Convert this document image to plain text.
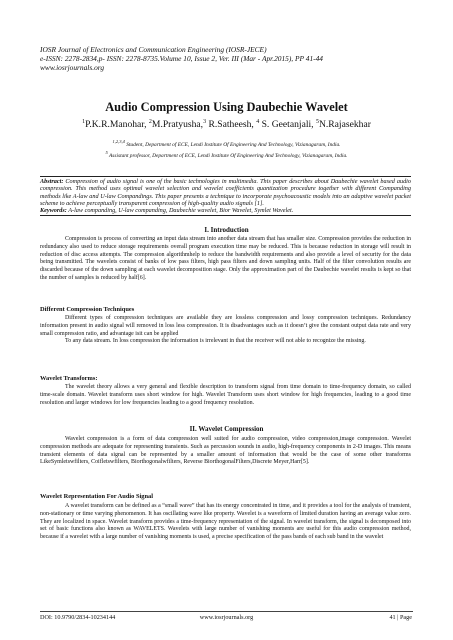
IOSR Journal of Electronics and Communication Engineering (IOSR-JECE)
e-ISSN: 2278-2834,p- ISSN: 2278-8735.Volume 10, Issue 2, Ver. III (Mar - Apr.2015), PP 41-44
www.iosrjournals.org
Audio Compression Using Daubechie Wavelet
$^1$P.K.R.Manohar, $^2$M.Pratyusha,$^3$ R.Satheesh, $^4$ S. Geetanjali, $^5$N.Rajasekhar
$^{1,2,3,4}$ Student, Department of ECE, Lendi Institute Of Engineering And Technology, Vizianagaram, India.
$^5$ Assistant professor, Department of ECE, Lendi Institute Of Engineering And Technology, Vizianagaram, India.
Abstract: Compression of audio signal is one of the basic technologies in multimedia. This paper describes about Daubechie wavelet based audio compression. This method uses optimal wavelet selection and wavelet coefficients quantization procedure together with different Companding methods like A-law and U-law Compandings. This paper presents a technique to incorporate psychoacoustic models into an adaptive wavelet packet scheme to achieve perceptually transparent compression of high-quality audio signals [1].
Keywords: A-law companding, U-law companding, Daubechie wavelet, Bior Wavelet, Symlet Wavelet.
I. Introduction

Compression is process of converting an input data stream into another data stream that has smaller size. Compression provides the reduction in redundancy also used to reduce storage requirements overall program execution time may be reduced. This is because reduction in storage will result in reduction of disc access attempts. The compression algorithmhelp to reduce the bandwidth requirements and also provide a level of security for the data being transmitted. The wavelets consist of banks of low pass filters, high pass filters and down sampling units. Half of the filter convolution results are discarded because of the down sampling at each wavelet decomposition stage. Only the approximation part of the Daubechie wavelet results is kept so that the number of samples is reduced by half[6].

Different Compression Techniques

Different types of compression techniques are available they are lossless compression and lossy compression techniques. Redundancy information present in audio signal will removed in loss less compression. It is disadvantages such as it doesn’t give the constant output data rate and very small compression ratio, and advantage isit can be applied

To any data stream. In loss compression the information is irrelevant in that the receiver will not able to recognize the missing.

Wavelet Transforms:

The wavelet theory allows a very general and flexible description to transform signal from time domain to time-frequency domain, so called time-scale domain. Wavelet transform uses short window for high. Wavelet Transform uses short window for high frequencies, leading to a good time resolution and larger windows for low frequencies leading to a good frequency resolution.

II. Wavelet Compression

Wavelet compression is a form of data compression well suited for audio compression, video compression,image compression. Wavelet compression methods are adequate for representing transients. Such as percussion sounds in audio, high-frequency components in 2-D images. This means transient elements of data signal can be represented by a smaller amount of information that would be the case of some other transforms LikeSymletswfilters, Coifletswfilters, Biorthogonalwfilters, Reverse BiorthogonalFilters,Discrete Meyer,Harr[5].

Wavelet Representation For Audio Signal

A wavelet transform can be defined as a “small wave” that has its energy concentrated in time, and it provides a tool for the analysis of transient, non-stationary or time varying phenomenon. It has oscillating wave like property. Wavelet is a waveform of limited duration having an average value zero. They are localized in space. Wavelet transform provides a time-frequency representation of the signal. In wavelet transform, the signal is decomposed into set of basic functions also known as WAVELETS. Wavelets with large number of vanishing moments are useful for this audio compression method, because if a wavelet with a large number of vanishing moments is used, a precise specification of the pass bands of each sub band in the wavelet

DOI: 10.9790/2834-10234144	www.iosrjournals.org	41 | Page
